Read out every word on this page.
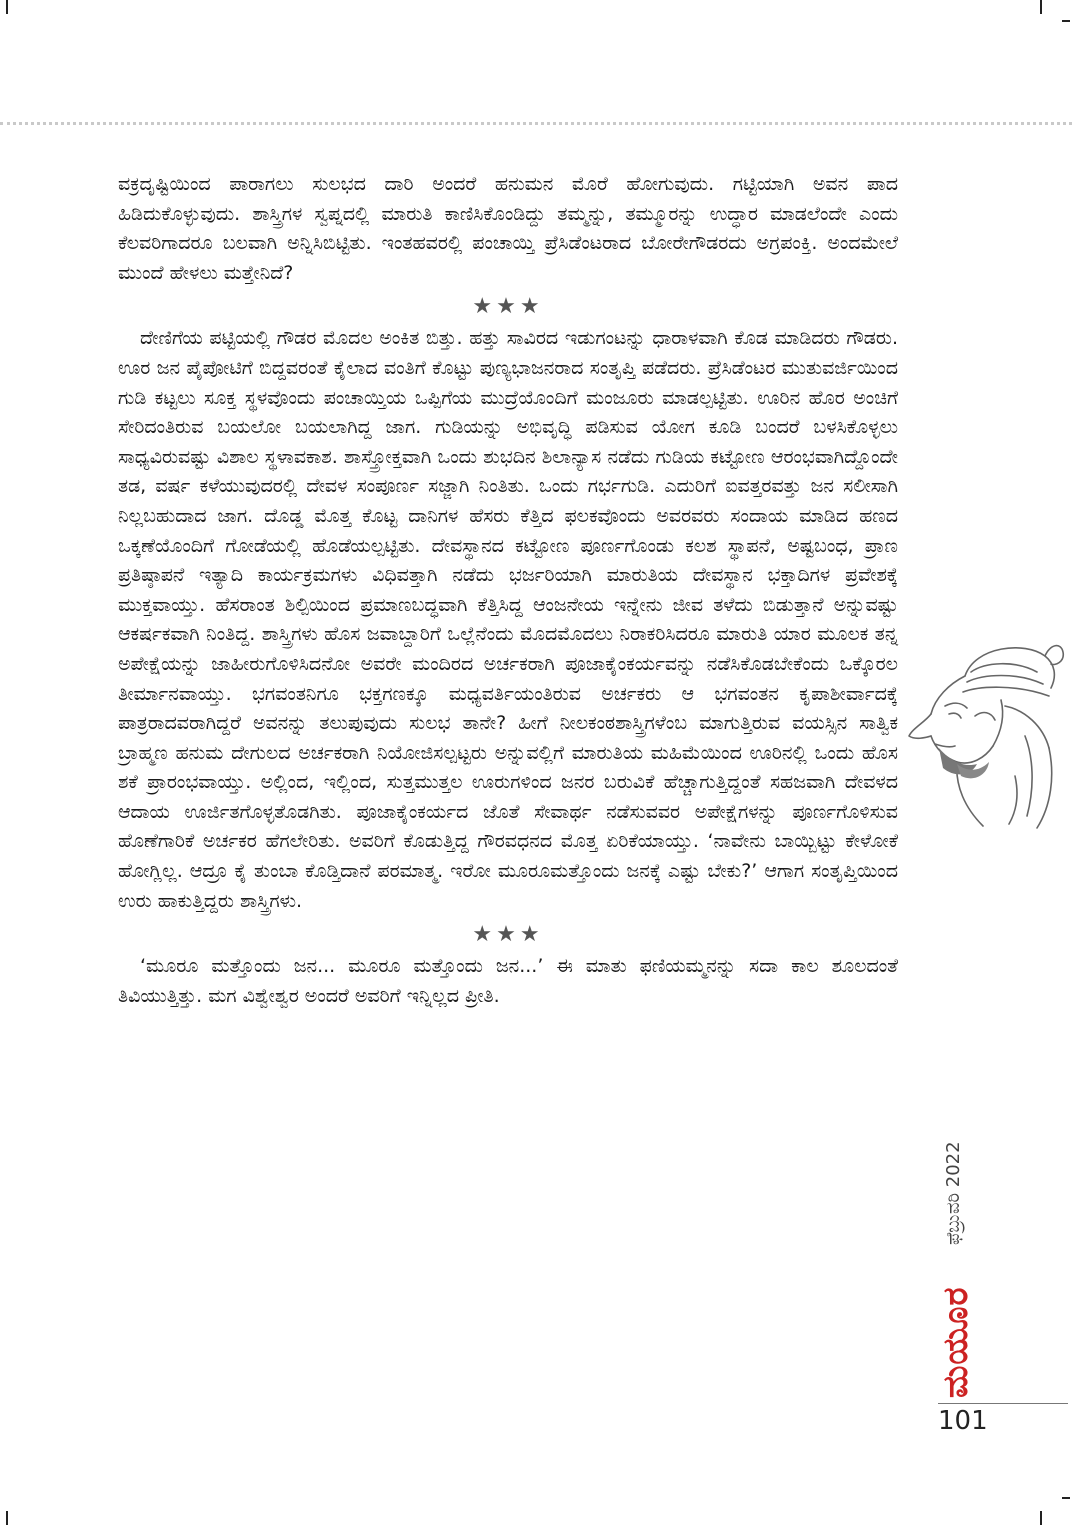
ವಕ್ರದೃಷ್ಟಿಯಿಂದ ಪಾರಾಗಲು ಸುಲಭದ ದಾರಿ ಅಂದರೆ ಹನುಮನ ಮೊರೆ ಹೋಗುವುದು. ಗಟ್ಟಿಯಾಗಿ ಅವನ ಪಾದ ಹಿಡಿದುಕೊಳ್ಳುವುದು. ಶಾಸ್ತ್ರಿಗಳ ಸ್ವಪ್ನದಲ್ಲಿ ಮಾರುತಿ ಕಾಣಿಸಿಕೊಂಡಿದ್ದು ತಮ್ಮನ್ನು, ತಮ್ಮೂರನ್ನು ಉದ್ಧಾರ ಮಾಡಲೆಂದೇ ಎಂದು ಕೆಲವರಿಗಾದರೂ ಬಲವಾಗಿ ಅನ್ನಿಸಿಬಿಟ್ಟಿತು. ಇಂತಹವರಲ್ಲಿ ಪಂಚಾಯ್ತಿ ಪ್ರೆಸಿಡೆಂಟರಾದ ಬೋರೇಗೌಡರದು ಅಗ್ರಪಂಕ್ತಿ. ಅಂದಮೇಲೆ ಮುಂದೆ ಹೇಳಲು ಮತ್ತೇನಿದೆ?

★★★

ದೇಣಿಗೆಯ ಪಟ್ಟಿಯಲ್ಲಿ ಗೌಡರ ಮೊದಲ ಅಂಕಿತ ಬಿತ್ತು. ಹತ್ತು ಸಾವಿರದ ಇಡುಗಂಟನ್ನು ಧಾರಾಳವಾಗಿ ಕೊಡ ಮಾಡಿದರು ಗೌಡರು. ಊರ ಜನ ಪೈಪೋಟಿಗೆ ಬಿದ್ದವರಂತೆ ಕೈಲಾದ ವಂತಿಗೆ ಕೊಟ್ಟು ಪುಣ್ಯಭಾಜನರಾದ ಸಂತೃಪ್ತಿ ಪಡೆದರು. ಪ್ರೆಸಿಡೆಂಟರ ಮುತುವರ್ಜಿಯಿಂದ ಗುಡಿ ಕಟ್ಟಲು ಸೂಕ್ತ ಸ್ಥಳವೊಂದು ಪಂಚಾಯ್ತಿಯ ಒಪ್ಪಿಗೆಯ ಮುದ್ರೆಯೊಂದಿಗೆ ಮಂಜೂರು ಮಾಡಲ್ಪಟ್ಟಿತು. ಊರಿನ ಹೊರ ಅಂಚಿಗೆ ಸೇರಿದಂತಿರುವ ಬಯಲೋ ಬಯಲಾಗಿದ್ದ ಜಾಗ. ಗುಡಿಯನ್ನು ಅಭಿವೃದ್ಧಿ ಪಡಿಸುವ ಯೋಗ ಕೂಡಿ ಬಂದರೆ ಬಳಸಿಕೊಳ್ಳಲು ಸಾಧ್ಯವಿರುವಷ್ಟು ವಿಶಾಲ ಸ್ಥಳಾವಕಾಶ. ಶಾಸ್ತ್ರೋಕ್ತವಾಗಿ ಒಂದು ಶುಭದಿನ ಶಿಲಾನ್ಯಾಸ ನಡೆದು ಗುಡಿಯ ಕಟ್ಟೋಣ ಆರಂಭವಾಗಿದ್ದೊಂದೇ ತಡ, ವರ್ಷ ಕಳೆಯುವುದರಲ್ಲಿ ದೇವಳ ಸಂಪೂರ್ಣ ಸಜ್ಜಾಗಿ ನಿಂತಿತು. ಒಂದು ಗರ್ಭಗುಡಿ. ಎದುರಿಗೆ ಐವತ್ತರವತ್ತು ಜನ ಸಲೀಸಾಗಿ ನಿಲ್ಲಬಹುದಾದ ಜಾಗ. ದೊಡ್ಡ ಮೊತ್ತ ಕೊಟ್ಟ ದಾನಿಗಳ ಹೆಸರು ಕೆತ್ತಿದ ಫಲಕವೊಂದು ಅವರವರು ಸಂದಾಯ ಮಾಡಿದ ಹಣದ ಒಕ್ಕಣೆಯೊಂದಿಗೆ ಗೋಡೆಯಲ್ಲಿ ಹೊಡೆಯಲ್ಪಟ್ಟಿತು. ದೇವಸ್ಥಾನದ ಕಟ್ಟೋಣ ಪೂರ್ಣಗೊಂಡು ಕಲಶ ಸ್ಥಾಪನೆ, ಅಷ್ಟಬಂಧ, ಪ್ರಾಣ ಪ್ರತಿಷ್ಠಾಪನೆ ಇತ್ಯಾದಿ ಕಾರ್ಯಕ್ರಮಗಳು ವಿಧಿವತ್ತಾಗಿ ನಡೆದು ಭರ್ಜರಿಯಾಗಿ ಮಾರುತಿಯ ದೇವಸ್ಥಾನ ಭಕ್ತಾದಿಗಳ ಪ್ರವೇಶಕ್ಕೆ ಮುಕ್ತವಾಯ್ತು. ಹೆಸರಾಂತ ಶಿಲ್ಪಿಯಿಂದ ಪ್ರಮಾಣಬದ್ಧವಾಗಿ ಕೆತ್ತಿಸಿದ್ದ ಆಂಜನೇಯ ಇನ್ನೇನು ಜೀವ ತಳೆದು ಬಿಡುತ್ತಾನೆ ಅನ್ನುವಷ್ಟು ಆಕರ್ಷಕವಾಗಿ ನಿಂತಿದ್ದ. ಶಾಸ್ತ್ರಿಗಳು ಹೊಸ ಜವಾಬ್ದಾರಿಗೆ ಒಲ್ಲೆನೆಂದು ಮೊದಮೊದಲು ನಿರಾಕರಿಸಿದರೂ ಮಾರುತಿ ಯಾರ ಮೂಲಕ ತನ್ನ ಅಪೇಕ್ಷೆಯನ್ನು ಜಾಹೀರುಗೊಳಿಸಿದನೋ ಅವರೇ ಮಂದಿರದ ಅರ್ಚಕರಾಗಿ ಪೂಜಾಕೈಂಕರ್ಯವನ್ನು ನಡೆಸಿಕೊಡಬೇಕೆಂದು ಒಕ್ಕೊರಲ ತೀರ್ಮಾನವಾಯ್ತು. ಭಗವಂತನಿಗೂ ಭಕ್ತಗಣಕ್ಕೂ ಮಧ್ಯವರ್ತಿಯಂತಿರುವ ಅರ್ಚಕರು ಆ ಭಗವಂತನ ಕೃಪಾಶೀರ್ವಾದಕ್ಕೆ ಪಾತ್ರರಾದವರಾಗಿದ್ದರೆ ಅವನನ್ನು ತಲುಪುವುದು ಸುಲಭ ತಾನೇ? ಹೀಗೆ ನೀಲಕಂಠಶಾಸ್ತ್ರಿಗಳೆಂಬ ಮಾಗುತ್ತಿರುವ ವಯಸ್ಸಿನ ಸಾತ್ವಿಕ ಬ್ರಾಹ್ಮಣ ಹನುಮ ದೇಗುಲದ ಅರ್ಚಕರಾಗಿ ನಿಯೋಜಿಸಲ್ಪಟ್ಟರು ಅನ್ನುವಲ್ಲಿಗೆ ಮಾರುತಿಯ ಮಹಿಮೆಯಿಂದ ಊರಿನಲ್ಲಿ ಒಂದು ಹೊಸ ಶಕೆ ಪ್ರಾರಂಭವಾಯ್ತು. ಅಲ್ಲಿಂದ, ಇಲ್ಲಿಂದ, ಸುತ್ತಮುತ್ತಲ ಊರುಗಳಿಂದ ಜನರ ಬರುವಿಕೆ ಹೆಚ್ಚಾಗುತ್ತಿದ್ದಂತೆ ಸಹಜವಾಗಿ ದೇವಳದ ಆದಾಯ ಊರ್ಜಿತಗೊಳ್ಳತೊಡಗಿತು. ಪೂಜಾಕೈಂಕರ್ಯದ ಜೊತೆ ಸೇವಾರ್ಥ ನಡೆಸುವವರ ಅಪೇಕ್ಷೆಗಳನ್ನು ಪೂರ್ಣಗೊಳಿಸುವ ಹೊಣೆಗಾರಿಕೆ ಅರ್ಚಕರ ಹೆಗಲೇರಿತು. ಅವರಿಗೆ ಕೊಡುತ್ತಿದ್ದ ಗೌರವಧನದ ಮೊತ್ತ ಏರಿಕೆಯಾಯ್ತು. ‘ನಾವೇನು ಬಾಯ್ಬಿಟ್ಟು ಕೇಳೋಕೆ ಹೋಗ್ಲಿಲ್ಲ. ಆದ್ರೂ ಕೈ ತುಂಬಾ ಕೊಡ್ತಿದಾನೆ ಪರಮಾತ್ಮ. ಇರೋ ಮೂರೂಮತ್ತೊಂದು ಜನಕ್ಕೆ ಎಷ್ಟು ಬೇಕು?’ ಆಗಾಗ ಸಂತೃಪ್ತಿಯಿಂದ ಉರು ಹಾಕುತ್ತಿದ್ದರು ಶಾಸ್ತ್ರಿಗಳು.

★★★

‘ಮೂರೂ ಮತ್ತೊಂದು ಜನ... ಮೂರೂ ಮತ್ತೊಂದು ಜನ...’ ಈ ಮಾತು ಫಣಿಯಮ್ಮನನ್ನು ಸದಾ ಕಾಲ ಶೂಲದಂತೆ ತಿವಿಯುತ್ತಿತ್ತು. ಮಗ ವಿಶ್ವೇಶ್ವರ ಅಂದರೆ ಅವರಿಗೆ ಇನ್ನಿಲ್ಲದ ಪ್ರೀತಿ.

ಫೆಬ್ರುವರಿ 2022
ಮಯೂರ
101
